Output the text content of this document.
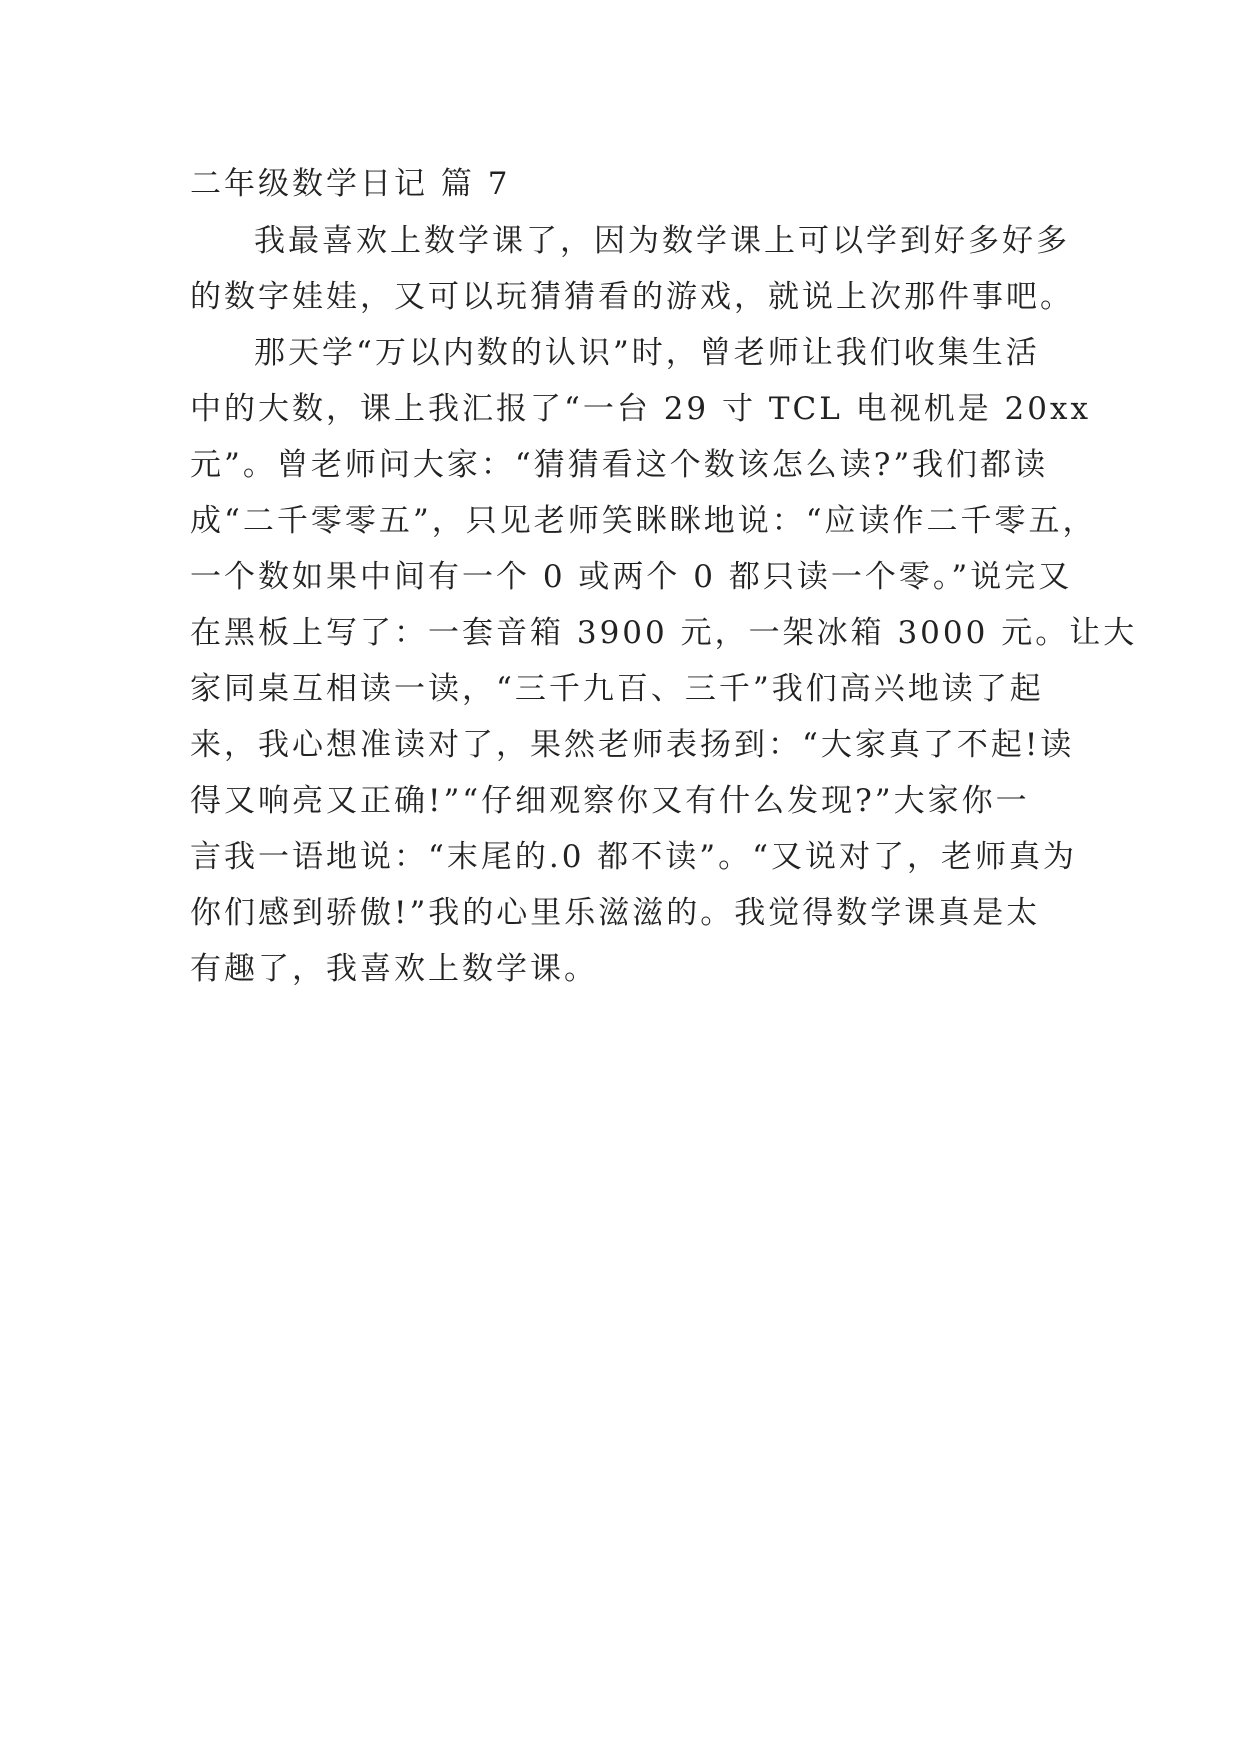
二年级数学日记 篇 7
我最喜欢上数学课了，因为数学课上可以学到好多好多
的数字娃娃，又可以玩猜猜看的游戏，就说上次那件事吧。
那天学“万以内数的认识”时，曾老师让我们收集生活
中的大数，课上我汇报了“一台 29 寸 TCL 电视机是 20xx
元”。曾老师问大家：“猜猜看这个数该怎么读?”我们都读
成“二千零零五”，只见老师笑眯眯地说：“应读作二千零五，
一个数如果中间有一个 0 或两个 0 都只读一个零。”说完又
在黑板上写了：一套音箱 3900 元，一架冰箱 3000 元。让大
家同桌互相读一读，“三千九百、三千”我们高兴地读了起
来，我心想准读对了，果然老师表扬到：“大家真了不起!读
得又响亮又正确!”“仔细观察你又有什么发现?”大家你一
言我一语地说：“末尾的.0 都不读”。“又说对了，老师真为
你们感到骄傲!”我的心里乐滋滋的。我觉得数学课真是太
有趣了，我喜欢上数学课。
